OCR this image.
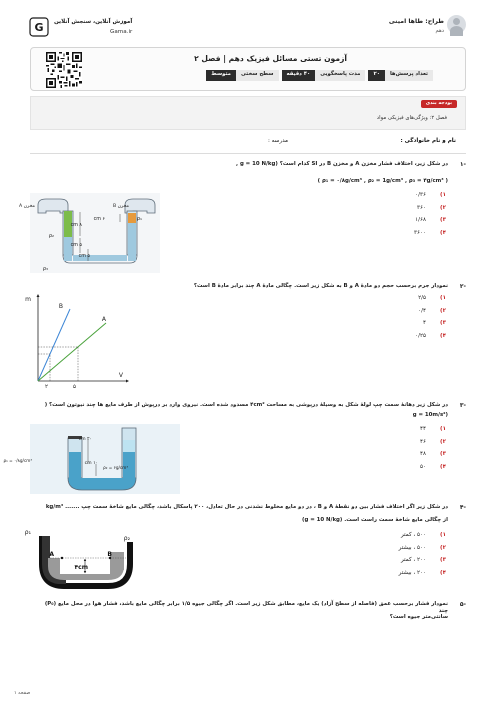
طراح: طاها امینی
دهم
G آموزش آنلاین، سنجش آنلاین
Gama.ir
آزمون تستی مسائل فیزیک دهم | فصل ۲
تعداد پرسش‌ها
۲۰
مدت پاسخگویی
۴۰ دقیقه
سطح سختی
متوسط
بودجه بندی
فصل ۲: ویژگی‌های فیزیکی مواد
نام و نام خانوادگی :
مدرسه :
-۱
در شکل زیر، اختلاف فشار مخزن A و مخزن B در SI کدام است؟ (g = 10 N/kg ,
( ρ₁ = ۰/۸g/cm³ , ρ₂ = 1g/cm³ , ρ₃ = ۴g/cm³ )
۱)
۰/۳۶
۲)
۳۶۰
۳)
۱/۶۸
۴)
۳۶۰۰
مخزن A	مخزن B
۸ cm
۵ cm
۵ cm
۶ cm	ρ₁
ρ₂
ρ₃
-۲
نمودار جرم برحسب حجم دو مادهٔ A و B به شکل زیر است. چگالی مادهٔ A چند برابر مادهٔ B است؟
۱)
۲/۵
۲)
۰/۴
۳)
۴
۴)
۰/۲۵
m
V
B
A
۲	۵
-۳
در شکل زیر دهانهٔ سمت چپ لولهٔ شکل به وسیلهٔ درپوشی به مساحت ۴cm² مسدود شده است. نیروی وارد بر درپوش از طرف مایع ها چند نیوتون است؟ (
(g = 10m/s²
۱)
۴۴
۲)
۴۶
۳)
۴۸
۴)
۵۰
۲۰ cm
۱۰ cm
ρ₁ = ۰/۸g/cm³
ρ₂ = ۶g/cm³
-۴
در شکل زیر اگر اختلاف فشار بین دو نقطهٔ A و B ، در دو مایع مخلوط نشدنی در حال تعادل، ۲۰۰ پاسکال باشد، چگالی مایع شاخهٔ سمت چپ ....... kg/m³
از چگالی مایع شاخهٔ سمت راست است. (g = 10 N/kg)
۱)
۵۰۰ ، کمتر
۲)
۵۰۰ ، بیشتر
۳)
۲۰۰ ، کمتر
۴)
۲۰۰ ، بیشتر
A	B
۴cm
ρ₁
ρ₂
-۵
نمودار فشار برحسب عمق (فاصله از سطح آزاد) یک مایع، مطابق شکل زیر است. اگر چگالی جیوه ۱/۵ برابر چگالی مایع باشد، فشار هوا در محل مایع (P₀) چند
سانتی‌متر جیوه است؟
صفحه ۱
